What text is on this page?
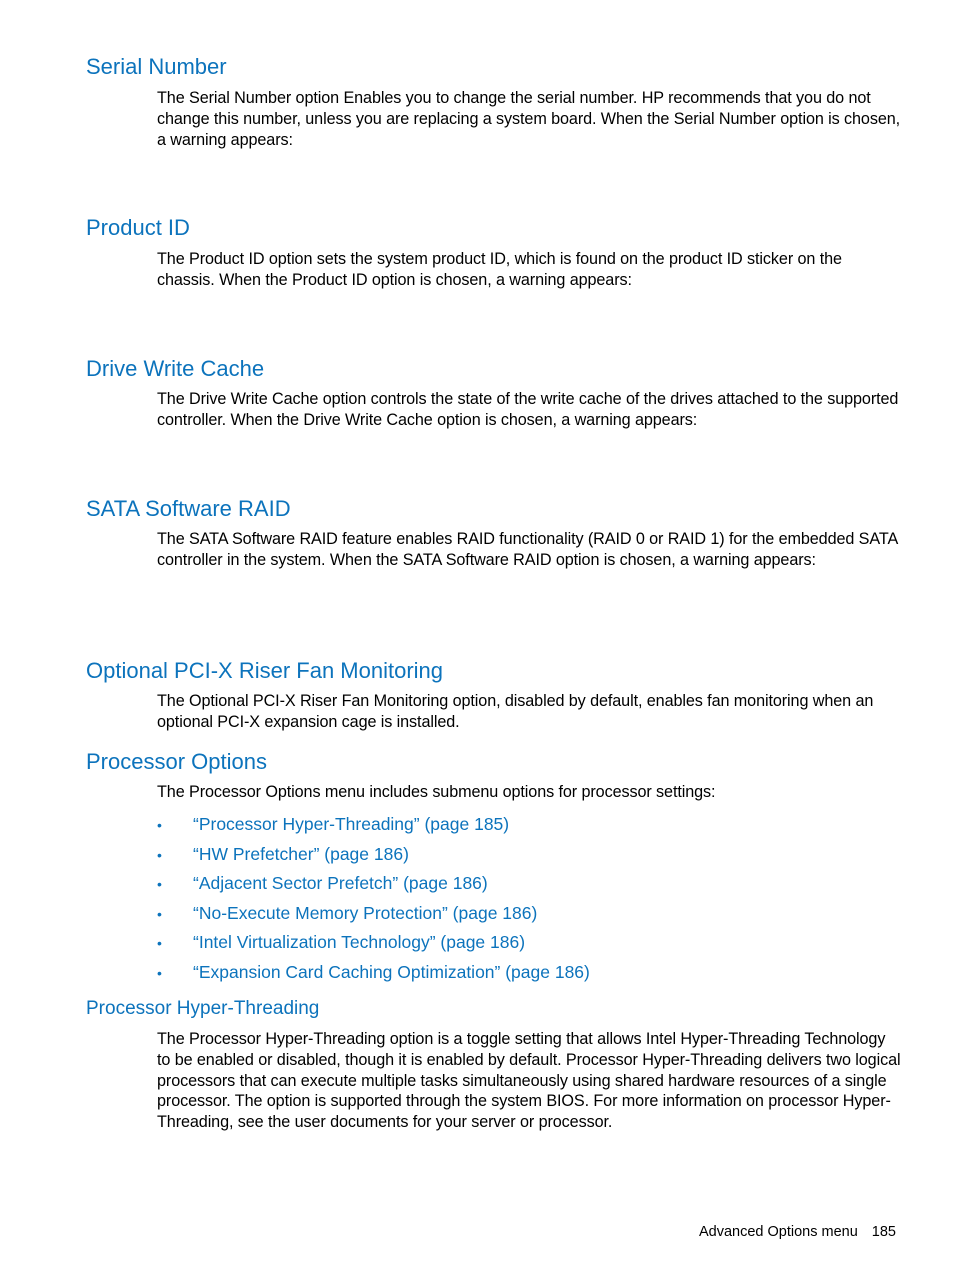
Serial Number

The Serial Number option Enables you to change the serial number. HP recommends that you do not change this number, unless you are replacing a system board. When the Serial Number option is chosen, a warning appears:

Product ID

The Product ID option sets the system product ID, which is found on the product ID sticker on the chassis. When the Product ID option is chosen, a warning appears:

Drive Write Cache

The Drive Write Cache option controls the state of the write cache of the drives attached to the supported controller. When the Drive Write Cache option is chosen, a warning appears:

SATA Software RAID

The SATA Software RAID feature enables RAID functionality (RAID 0 or RAID 1) for the embedded SATA controller in the system. When the SATA Software RAID option is chosen, a warning appears:

Optional PCI-X Riser Fan Monitoring

The Optional PCI-X Riser Fan Monitoring option, disabled by default, enables fan monitoring when an optional PCI-X expansion cage is installed.

Processor Options

The Processor Options menu includes submenu options for processor settings:

• “Processor Hyper-Threading” (page 185)
• “HW Prefetcher” (page 186)
• “Adjacent Sector Prefetch” (page 186)
• “No-Execute Memory Protection” (page 186)
• “Intel Virtualization Technology” (page 186)
• “Expansion Card Caching Optimization” (page 186)
Processor Hyper-Threading

The Processor Hyper-Threading option is a toggle setting that allows Intel Hyper-Threading Technology to be enabled or disabled, though it is enabled by default. Processor Hyper-Threading delivers two logical processors that can execute multiple tasks simultaneously using shared hardware resources of a single processor. The option is supported through the system BIOS. For more information on processor Hyper-Threading, see the user documents for your server or processor.

Advanced Options menu 185
